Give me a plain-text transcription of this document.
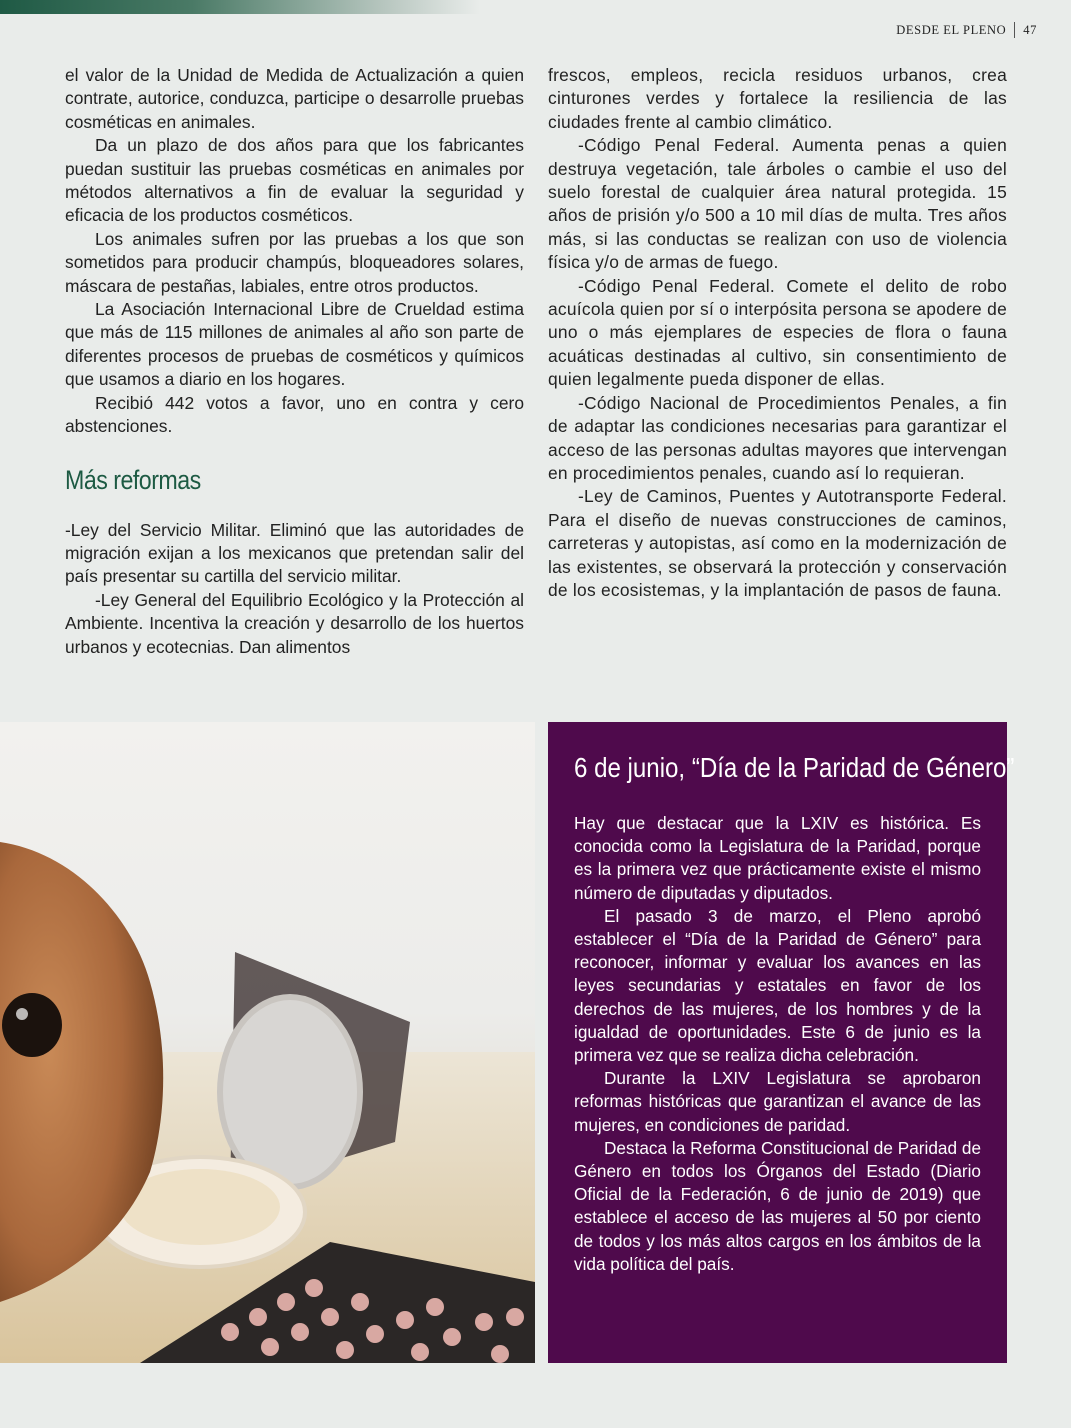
DESDE EL PLENO 47

el valor de la Unidad de Medida de Actualización a quien contrate, autorice, conduzca, participe o desarrolle pruebas cosméticas en animales.

Da un plazo de dos años para que los fabricantes puedan sustituir las pruebas cosméticas en animales por métodos alternativos a fin de evaluar la seguridad y eficacia de los productos cosméticos.

Los animales sufren por las pruebas a los que son sometidos para producir champús, bloqueadores solares, máscara de pestañas, labiales, entre otros productos.

La Asociación Internacional Libre de Crueldad estima que más de 115 millones de animales al año son parte de diferentes procesos de pruebas de cosméticos y químicos que usamos a diario en los hogares.

Recibió 442 votos a favor, uno en contra y cero abstenciones.

Más reformas

-Ley del Servicio Militar. Eliminó que las autoridades de migración exijan a los mexicanos que pretendan salir del país presentar su cartilla del servicio militar.

-Ley General del Equilibrio Ecológico y la Protección al Ambiente. Incentiva la creación y desarrollo de los huertos urbanos y ecotecnias. Dan alimentos

frescos, empleos, recicla residuos urbanos, crea cinturones verdes y fortalece la resiliencia de las ciudades frente al cambio climático.

-Código Penal Federal. Aumenta penas a quien destruya vegetación, tale árboles o cambie el uso del suelo forestal de cualquier área natural protegida. 15 años de prisión y/o 500 a 10 mil días de multa. Tres años más, si las conductas se realizan con uso de violencia física y/o de armas de fuego.

-Código Penal Federal. Comete el delito de robo acuícola quien por sí o interpósita persona se apodere de uno o más ejemplares de especies de flora o fauna acuáticas destinadas al cultivo, sin consentimiento de quien legalmente pueda disponer de ellas.

-Código Nacional de Procedimientos Penales, a fin de adaptar las condiciones necesarias para garantizar el acceso de las personas adultas mayores que intervengan en procedimientos penales, cuando así lo requieran.

-Ley de Caminos, Puentes y Autotransporte Federal. Para el diseño de nuevas construcciones de caminos, carreteras y autopistas, así como en la modernización de las existentes, se observará la protección y conservación de los ecosistemas, y la implantación de pasos de fauna.

6 de junio, “Día de la Paridad de Género”

Hay que destacar que la LXIV es histórica. Es conocida como la Legislatura de la Paridad, porque es la primera vez que prácticamente existe el mismo número de diputadas y diputados.

El pasado 3 de marzo, el Pleno aprobó establecer el “Día de la Paridad de Género” para reconocer, informar y evaluar los avances en las leyes secundarias y estatales en favor de los derechos de las mujeres, de los hombres y de la igualdad de oportunidades. Este 6 de junio es la primera vez que se realiza dicha celebración.

Durante la LXIV Legislatura se aprobaron reformas históricas que garantizan el avance de las mujeres, en condiciones de paridad.

Destaca la Reforma Constitucional de Paridad de Género en todos los Órganos del Estado (Diario Oficial de la Federación, 6 de junio de 2019) que establece el acceso de las mujeres al 50 por ciento de todos y los más altos cargos en los ámbitos de la vida política del país.
